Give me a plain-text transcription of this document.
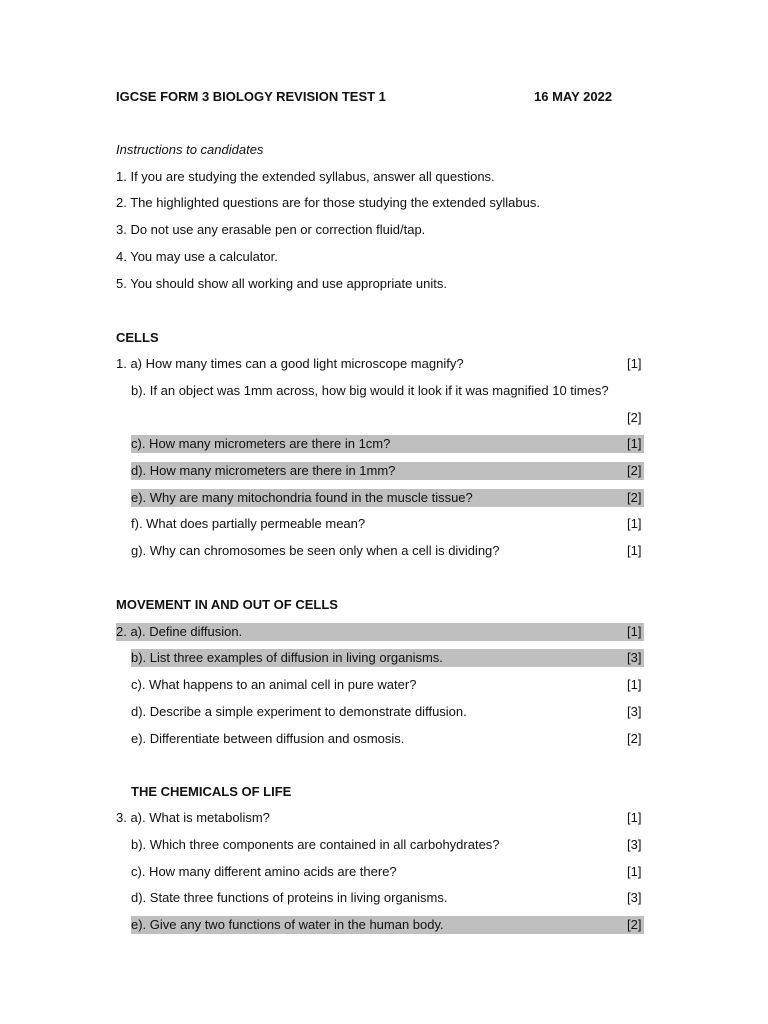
IGCSE FORM 3 BIOLOGY REVISION TEST 1	16 MAY 2022
Instructions to candidates
1. If you are studying the extended syllabus, answer all questions.
2. The highlighted questions are for those studying the extended syllabus.
3. Do not use any erasable pen or correction fluid/tap.
4. You may use a calculator.
5. You should show all working and use appropriate units.
CELLS
1. a) How many times can a good light microscope magnify?	[1]
b). If an object was 1mm across, how big would it look if it was magnified 10 times?
[2]
c). How many micrometers are there in 1cm?	[1]
d). How many micrometers are there in 1mm?	[2]
e). Why are many mitochondria found in the muscle tissue?	[2]
f). What does partially permeable mean?	[1]
g). Why can chromosomes be seen only when a cell is dividing?	[1]
MOVEMENT IN AND OUT OF CELLS
2. a). Define diffusion.	[1]
b). List three examples of diffusion in living organisms.	[3]
c). What happens to an animal cell in pure water?	[1]
d). Describe a simple experiment to demonstrate diffusion.	[3]
e). Differentiate between diffusion and osmosis.	[2]
THE CHEMICALS OF LIFE
3. a). What is metabolism?	[1]
b). Which three components are contained in all carbohydrates?	[3]
c). How many different amino acids are there?	[1]
d). State three functions of proteins in living organisms.	[3]
e). Give any two functions of water in the human body.	[2]
